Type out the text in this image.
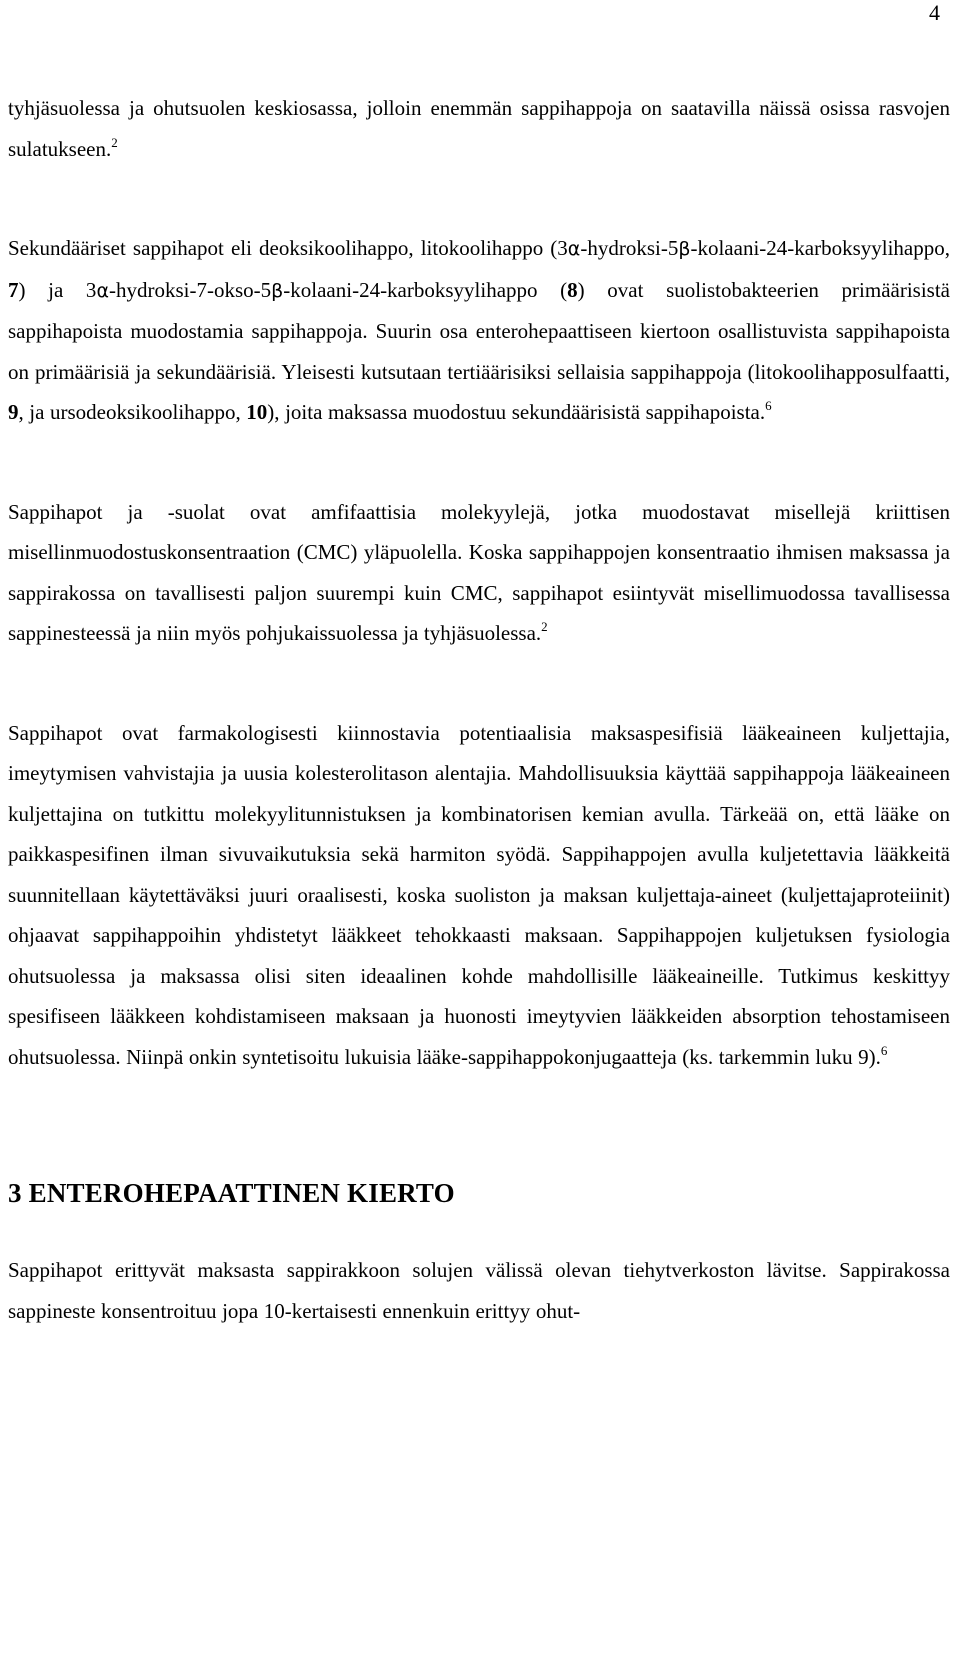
4

tyhjäsuolessa ja ohutsuolen keskiosassa, jolloin enemmän sappihappoja on saatavilla näissä osissa rasvojen sulatukseen.$^2$

Sekundääriset sappihapot eli deoksikoolihappo, litokoolihappo (3α-hydroksi-5β-kolaani-24-karboksyylihappo, 7) ja 3α-hydroksi-7-okso-5β-kolaani-24-karboksyylihappo (8) ovat suolistobakteerien primäärisistä sappihapoista muodostamia sappihappoja. Suurin osa enterohepaattiseen kiertoon osallistuvista sappihapoista on primäärisiä ja sekundäärisiä. Yleisesti kutsutaan tertiäärisiksi sellaisia sappihappoja (litokoolihapposulfaatti, 9, ja ursodeoksikoolihappo, 10), joita maksassa muodostuu sekundäärisistä sappihapoista.$^6$

Sappihapot ja -suolat ovat amfifaattisia molekyylejä, jotka muodostavat misellejä kriittisen misellinmuodostuskonsentraation (CMC) yläpuolella. Koska sappihappojen konsentraatio ihmisen maksassa ja sappirakossa on tavallisesti paljon suurempi kuin CMC, sappihapot esiintyvät misellimuodossa tavallisessa sappinesteessä ja niin myös pohjukaissuolessa ja tyhjäsuolessa.$^2$

Sappihapot ovat farmakologisesti kiinnostavia potentiaalisia maksaspesifisiä lääkeaineen kuljettajia, imeytymisen vahvistajia ja uusia kolesterolitason alentajia. Mahdollisuuksia käyttää sappihappoja lääkeaineen kuljettajina on tutkittu molekyylitunnistuksen ja kombinatorisen kemian avulla. Tärkeää on, että lääke on paikkaspesifinen ilman sivuvaikutuksia sekä harmiton syödä. Sappihappojen avulla kuljetettavia lääkkeitä suunnitellaan käytettäväksi juuri oraalisesti, koska suoliston ja maksan kuljettaja-aineet (kuljettajaproteiinit) ohjaavat sappihappoihin yhdistetyt lääkkeet tehokkaasti maksaan. Sappihappojen kuljetuksen fysiologia ohutsuolessa ja maksassa olisi siten ideaalinen kohde mahdollisille lääkeaineille. Tutkimus keskittyy spesifiseen lääkkeen kohdistamiseen maksaan ja huonosti imeytyvien lääkkeiden absorption tehostamiseen ohutsuolessa. Niinpä onkin syntetisoitu lukuisia lääke-sappihappokonjugaatteja (ks. tarkemmin luku 9).$^6$

3 ENTEROHEPAATTINEN KIERTO

Sappihapot erittyvät maksasta sappirakkoon solujen välissä olevan tiehytverkoston lävitse. Sappirakossa sappineste konsentroituu jopa 10-kertaisesti ennenkuin erittyy ohut-
